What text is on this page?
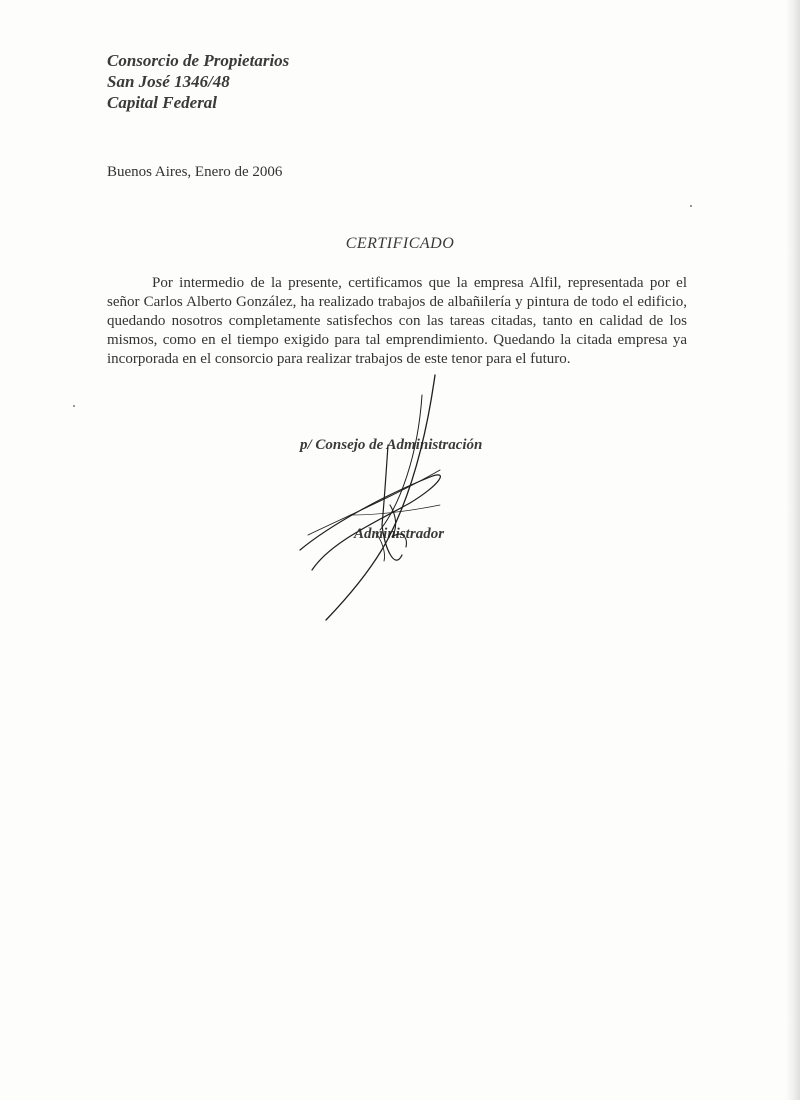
Consorcio de Propietarios
San José 1346/48
Capital Federal
Buenos Aires, Enero de 2006
CERTIFICADO
Por intermedio de la presente, certificamos que la empresa Alfil, representada por el señor Carlos Alberto González, ha realizado trabajos de albañilería y pintura de todo el edificio, quedando nosotros completamente satisfechos con las tareas citadas, tanto en calidad de los mismos, como en el tiempo exigido para tal emprendimiento. Quedando la citada empresa ya incorporada en el consorcio para realizar trabajos de este tenor para el futuro.
p/ Consejo de Administración
Administrador
